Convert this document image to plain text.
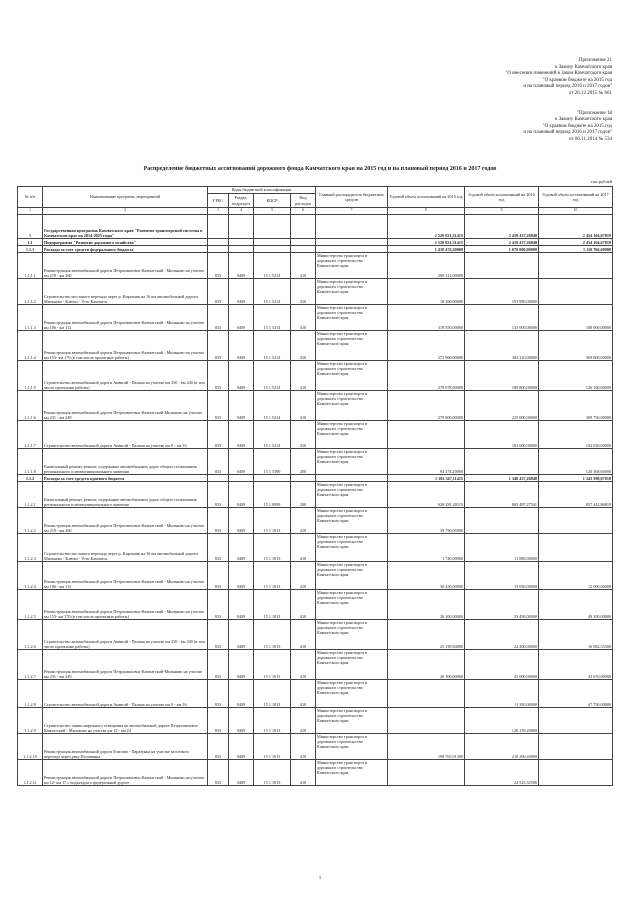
Приложение 21
к Закону Камчатского края
"О внесении изменений в Закон Камчатского края
"О краевом бюджете на 2015 год
и на плановый период 2016 и 2017 годов"
от 26.12.2015 № 601
"Приложение 18
к Закону Камчатского края
"О краевом бюджете на 2015 год
и на плановый период 2016 и 2017 годов"
от 06.11.2014 № 534
Распределение бюджетных ассигнований дорожного фонда Камчатского края на 2015 год и на плановый период 2016 и 2017 годов
тыс.рублей
№ п/п	Наименование программ, мероприятий	Коды бюджетной классификации				Главный распорядитель бюджетных средств	Годовой объем ассигнований на 2015 год	Годовой объем ассигнований на 2016 год	Годовой объем ассигнований на 2017 год
		ГРБС	Раздел, подраздел	КЦСР	Вид расходов				
1	2	3	4	5	6	7	8	9	10
1	Государственная программа Камчатского края "Развитие транспортной системы в Камчатском крае на 2014-2025 годы"						2 520 821,31415	2 418 437,26840	2 454 164,67810
1.1	Подпрограмма "Развитие дорожного хозяйства"						2 520 821,31415	2 418 437,26840	2 454 164,67810
1.1.1	Расходы за счет средств федерального бюджета						1 418 474,20000	1 070 000,00000	1 110 766,60000
1.1.1.1	Реконструкция автомобильной дороги Петропавловск-Камчатский - Мильково на участке км 219 - км 260	833	0409	15 1 5214	410	Министерство транспорта и дорожного строительства Камчатского края	208 312,00000		
1.1.1.2	Строительство мостового перехода через р. Кирганик на 16 км автомобильной дороги Мильково - Ключи - Усть-Камчатск	833	0409	15 1 5214	410	Министерство транспорта и дорожного строительства Камчатского края	18 260,00000	191 990,00000	
1.1.1.3	Реконструкция автомобильной дороги Петропавловск-Камчатский - Мильково на участке км 106 - км 112	833	0409	15 1 5214	410	Министерство транспорта и дорожного строительства Камчатского края	319 550,00000	135 000,00000	108 000,00000
1.1.1.4	Реконструкция автомобильной дороги Петропавловск-Камчатский - Мильково на участке км 153- км 170 (в том числе проектные работы)	833	0409	15 1 5214	410	Министерство транспорта и дорожного строительства Камчатского края	273 960,00000	302 210,00000	369 800,00000
1.1.1.5	Строительство автомобильной дороги Анавгай - Палана на участке км 230 - км 240 (в том числе проектные работы)	833	0409	15 1 5214	410	Министерство транспорта и дорожного строительства Камчатского края	279 078,00000	189 800,00000	126 100,00000
1.1.1.6	Реконструкция автомобильной дороги Петропавловск-Камчатский-Мильково на участке км 231 - км 249	833	0409	15 1 5214	410	Министерство транспорта и дорожного строительства Камчатского края	279 000,00000	225 000,00000	309 750,00000
1.1.1.7	Строительство автомобильной дороги Анавгай - Палана на участке км 0 - км 16	833	0409	15 1 5214	410	Министерство транспорта и дорожного строительства Камчатского края		102 000,00000	102 050,00000
1.1.1.8	Капитальный ремонт, ремонт, содержание автомобильных дорог общего пользования регионального и межмуниципального значения	833	0409	15 1 5390	200	Министерство транспорта и дорожного строительства Камчатского края	94 474,20000		120 368,60000
1.1.2	Расходы за счет средств краевого бюджета						1 102 347,11415	1 348 437,26840	1 343 398,07810
1.1.2.1	Капитальный ремонт, ремонт, содержание автомобильных дорог общего пользования регионального и межмуниципального значения	833	0409	15 1 0999	200	Министерство транспорта и дорожного строительства Камчатского края	628 281,20115	865 487,27541	857 442,86819
1.1.2.2	Реконструкция автомобильной дороги Петропавловск-Камчатский - Мильково на участке км 219 - км 260	833	0409	15 1 1013	410	Министерство транспорта и дорожного строительства Камчатского края	39 750,05900		
1.1.2.3	Строительство мостового перехода через р. Кирганик на 16 км автомобильной дороги Мильково - Ключи - Усть-Камчатск	833	0409	15 1 1013	410	Министерство транспорта и дорожного строительства Камчатского края	1 740,00000	11 690,00000	
1.1.2.4	Реконструкция автомобильной дороги Петропавловск-Камчатский - Мильково на участке км 106 - км 112	833	0409	15 1 1013	410	Министерство транспорта и дорожного строительства Камчатского края	30 450,00000	15 050,00000	12 000,00000
1.1.2.5	Реконструкция автомобильной дороги Петропавловск-Камчатский - Мильково на участке км 153- км 170 (в том числе проектные работы)	833	0409	15 1 1013	410	Министерство транспорта и дорожного строительства Камчатского края	26 100,00000	33 490,00000	49 390,00000
1.1.2.6	Строительство автомобильной дороги Анавгай - Палана на участке км 230 - км 240 (в том числе проектные работы)	833	0409	15 1 1013	410	Министерство транспорта и дорожного строительства Камчатского края	25 150,84800	22 200,00000	16 062,53300
1.1.2.7	Реконструкция автомобильной дороги Петропавловск-Камчатский-Мильково на участке км 231 - км 249	833	0409	15 1 1013	410	Министерство транспорта и дорожного строительства Камчатского края	26 100,00000	25 000,00000	43 670,00000
1.1.2.8	Строительство автомобильной дороги Анавгай - Палана на участке км 0 - км 16	833	0409	15 1 1013	410	Министерство транспорта и дорожного строительства Камчатского края		11 350,00000	47 750,00000
1.1.2.9	Строительство линии наружного освещения на автомобильной дороге Петропавловск-Камчатский - Мильково на участке км 12 - км 24	833	0409	15 1 1013	410	Министерство транспорта и дорожного строительства Камчатского края		126 339,26800	
1.1.2.10	Реконструкция автомобильной дороги Елизово - Паратунка на участке мостового перехода через реку Половинка	833	0409	15 1 1013	410	Министерство транспорта и дорожного строительства Камчатского края	198 765,91300	210 290,40000	
1.1.2.11	Реконструкция автомобильной дороги Петропавловск-Камчатский - Мильково на участке км 12- км 17 с подъездом к федеральной дороге	833	0409	15 1 1013	410	Министерство транспорта и дорожного строительства Камчатского края		24 523,52506	
1
